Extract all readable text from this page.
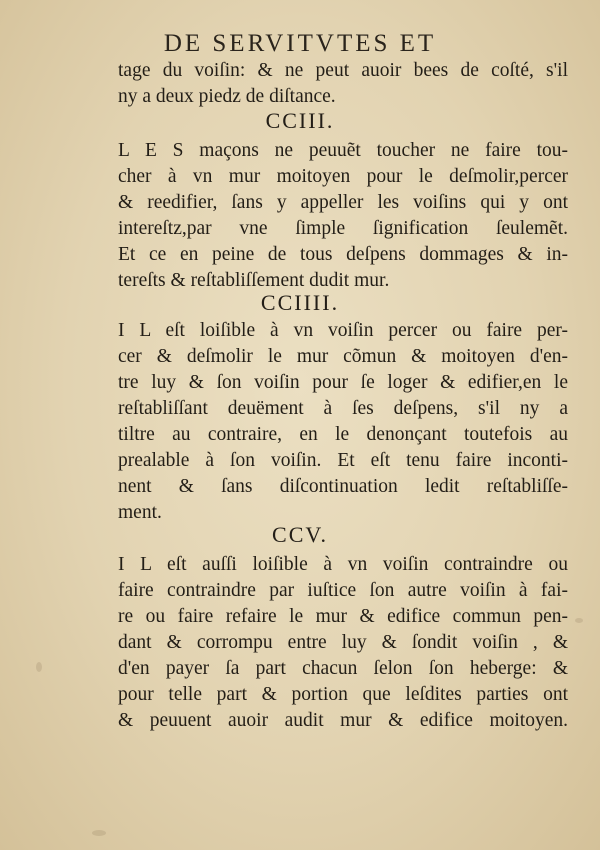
DE SERVITVTES ET
tage du voiſin: & ne peut auoir bees de coſté, s'il
ny a deux piedz de diſtance.
CCIII.
L E S maçons ne peuuẽt toucher ne faire tou-
cher à vn mur moitoyen pour le deſmolir,percer
& reedifier, ſans y appeller les voiſins qui y ont
intereſtz,par vne ſimple ſignification ſeulemẽt.
Et ce en peine de tous deſpens dommages & in-
tereſts & reſtabliſſement dudit mur.
CCIIII.
I L eſt loiſible à vn voiſin percer ou faire per-
cer & deſmolir le mur cõmun & moitoyen d'en-
tre luy & ſon voiſin pour ſe loger & edifier,en le
reſtabliſſant deuëment à ſes deſpens, s'il ny a
tiltre au contraire, en le denonçant toutefois au
prealable à ſon voiſin. Et eſt tenu faire inconti-
nent & ſans diſcontinuation ledit reſtabliſſe-
ment.
CCV.
I L eſt auſſi loiſible à vn voiſin contraindre ou
faire contraindre par iuſtice ſon autre voiſin à fai-
re ou faire refaire le mur & edifice commun pen-
dant & corrompu entre luy & ſondit voiſin , &
d'en payer ſa part chacun ſelon ſon heberge: &
pour telle part & portion que leſdites parties ont
& peuuent auoir audit mur & edifice moitoyen.
